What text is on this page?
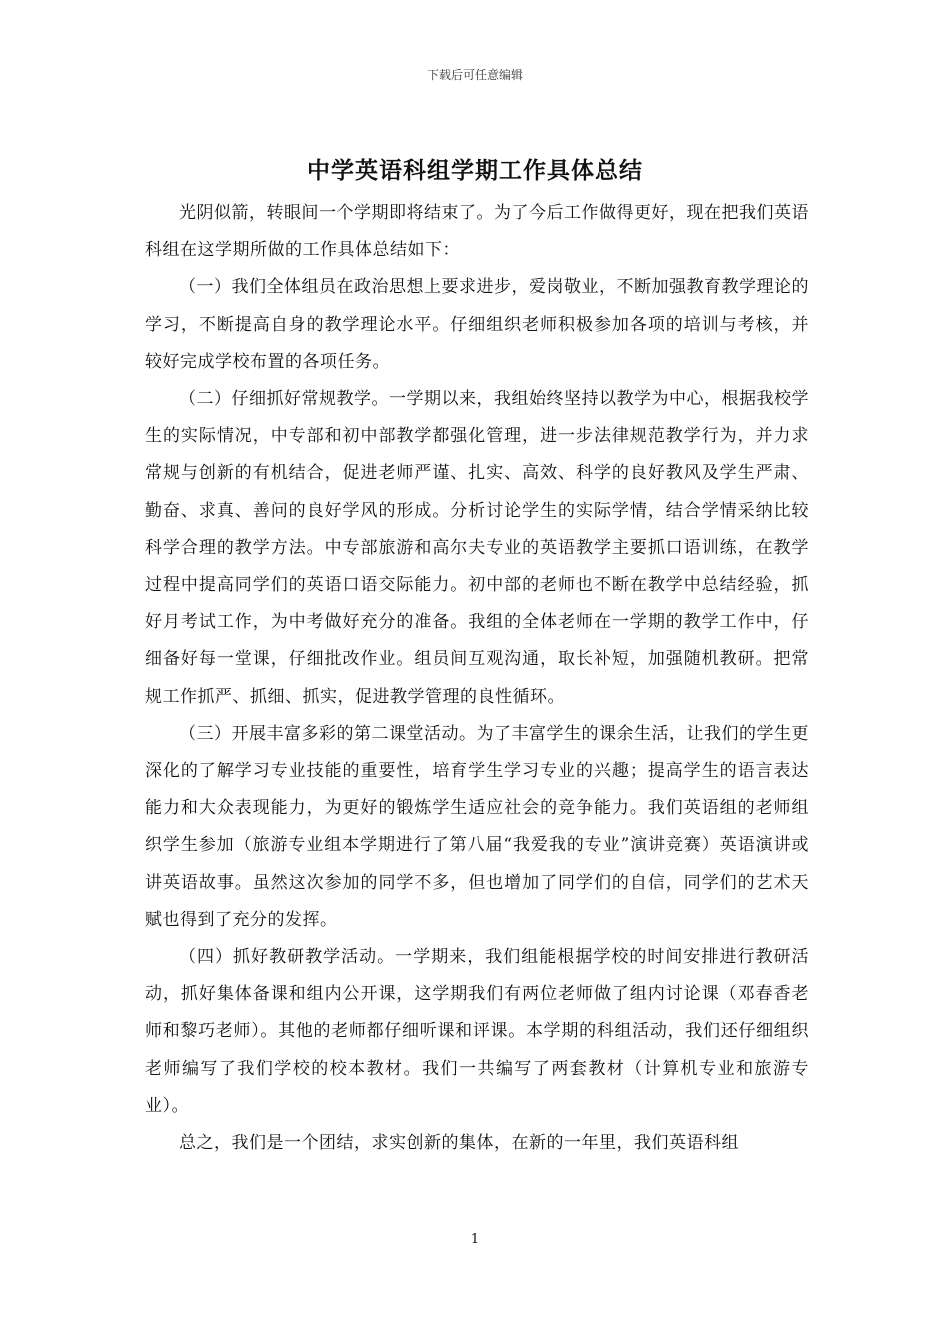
下载后可任意编辑
中学英语科组学期工作具体总结

光阴似箭，转眼间一个学期即将结束了。为了今后工作做得更好，现在把我们英语科组在这学期所做的工作具体总结如下：

（一）我们全体组员在政治思想上要求进步，爱岗敬业，不断加强教育教学理论的学习，不断提高自身的教学理论水平。仔细组织老师积极参加各项的培训与考核，并较好完成学校布置的各项任务。

（二）仔细抓好常规教学。一学期以来，我组始终坚持以教学为中心，根据我校学生的实际情况，中专部和初中部教学都强化管理，进一步法律规范教学行为，并力求常规与创新的有机结合，促进老师严谨、扎实、高效、科学的良好教风及学生严肃、勤奋、求真、善问的良好学风的形成。分析讨论学生的实际学情，结合学情采纳比较科学合理的教学方法。中专部旅游和高尔夫专业的英语教学主要抓口语训练，在教学过程中提高同学们的英语口语交际能力。初中部的老师也不断在教学中总结经验，抓好月考试工作，为中考做好充分的准备。我组的全体老师在一学期的教学工作中，仔细备好每一堂课，仔细批改作业。组员间互观沟通，取长补短，加强随机教研。把常规工作抓严、抓细、抓实，促进教学管理的良性循环。

（三）开展丰富多彩的第二课堂活动。为了丰富学生的课余生活，让我们的学生更深化的了解学习专业技能的重要性，培育学生学习专业的兴趣；提高学生的语言表达能力和大众表现能力，为更好的锻炼学生适应社会的竞争能力。我们英语组的老师组织学生参加（旅游专业组本学期进行了第八届“我爱我的专业”演讲竞赛）英语演讲或讲英语故事。虽然这次参加的同学不多，但也增加了同学们的自信，同学们的艺术天赋也得到了充分的发挥。

（四）抓好教研教学活动。一学期来，我们组能根据学校的时间安排进行教研活动，抓好集体备课和组内公开课，这学期我们有两位老师做了组内讨论课（邓春香老师和黎巧老师）。其他的老师都仔细听课和评课。本学期的科组活动，我们还仔细组织老师编写了我们学校的校本教材。我们一共编写了两套教材（计算机专业和旅游专业）。

总之，我们是一个团结，求实创新的集体，在新的一年里，我们英语科组

1
